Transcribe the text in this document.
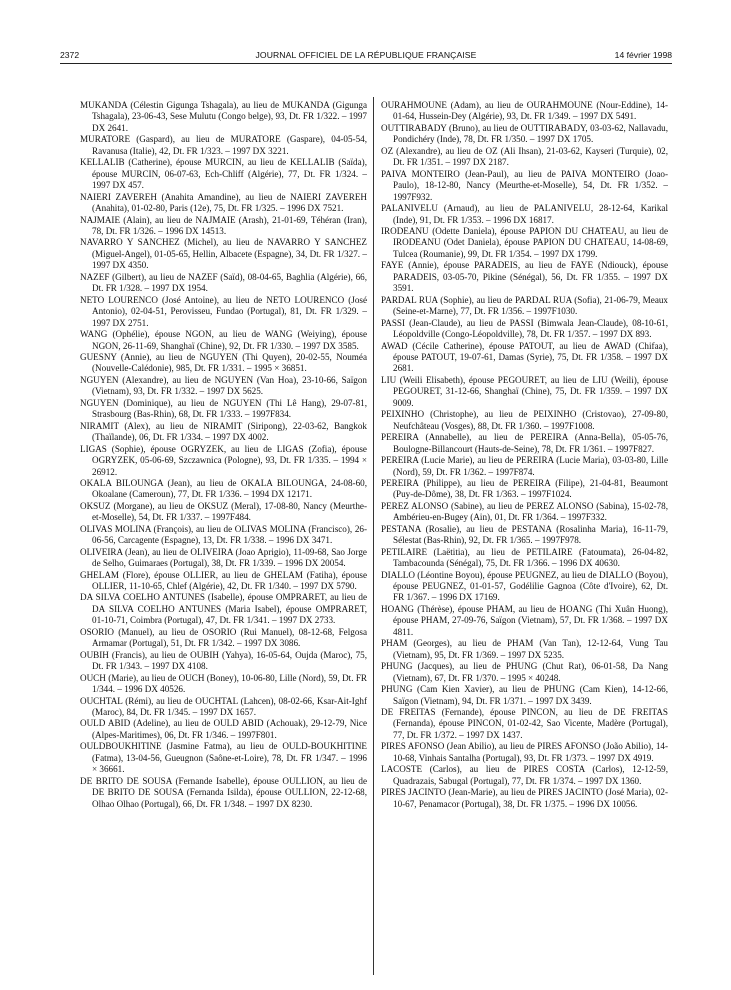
2372	JOURNAL OFFICIEL DE LA RÉPUBLIQUE FRANÇAISE	14 février 1998

MUKANDA (Célestin Gigunga Tshagala), au lieu de MUKANDA (Gigunga Tshagala), 23-06-43, Sese Mulutu (Congo belge), 93, Dt. FR 1/322. – 1997 DX 2641.

MURATORE (Gaspard), au lieu de MURATORE (Gaspare), 04-05-54, Ravanusa (Italie), 42, Dt. FR 1/323. – 1997 DX 3221.

KELLALIB (Catherine), épouse MURCIN, au lieu de KELLALIB (Saïda), épouse MURCIN, 06-07-63, Ech-Chliff (Algérie), 77, Dt. FR 1/324. – 1997 DX 457.

NAIERI ZAVEREH (Anahita Amandine), au lieu de NAIERI ZAVEREH (Anahita), 01-02-80, Paris (12e), 75, Dt. FR 1/325. – 1996 DX 7521.

NAJMAIE (Alain), au lieu de NAJMAIE (Arash), 21-01-69, Téhéran (Iran), 78, Dt. FR 1/326. – 1996 DX 14513.

NAVARRO Y SANCHEZ (Michel), au lieu de NAVARRO Y SANCHEZ (Miguel-Angel), 01-05-65, Hellin, Albacete (Espagne), 34, Dt. FR 1/327. – 1997 DX 4350.

NAZEF (Gilbert), au lieu de NAZEF (Saïd), 08-04-65, Baghlia (Algérie), 66, Dt. FR 1/328. – 1997 DX 1954.

NETO LOURENCO (José Antoine), au lieu de NETO LOURENCO (José Antonio), 02-04-51, Perovisseu, Fundao (Portugal), 81, Dt. FR 1/329. – 1997 DX 2751.

WANG (Ophélie), épouse NGON, au lieu de WANG (Weiying), épouse NGON, 26-11-69, Shanghaï (Chine), 92, Dt. FR 1/330. – 1997 DX 3585.

GUESNY (Annie), au lieu de NGUYEN (Thi Quyen), 20-02-55, Nouméa (Nouvelle-Calédonie), 985, Dt. FR 1/331. – 1995 × 36851.

NGUYEN (Alexandre), au lieu de NGUYEN (Van Hoa), 23-10-66, Saïgon (Vietnam), 93, Dt. FR 1/332. – 1997 DX 5625.

NGUYEN (Dominique), au lieu de NGUYEN (Thi Lê Hang), 29-07-81, Strasbourg (Bas-Rhin), 68, Dt. FR 1/333. – 1997F834.

NIRAMIT (Alex), au lieu de NIRAMIT (Siripong), 22-03-62, Bangkok (Thaïlande), 06, Dt. FR 1/334. – 1997 DX 4002.

LIGAS (Sophie), épouse OGRYZEK, au lieu de LIGAS (Zofia), épouse OGRYZEK, 05-06-69, Szczawnica (Pologne), 93, Dt. FR 1/335. – 1994 × 26912.

OKALA BILOUNGA (Jean), au lieu de OKALA BILOUNGA, 24-08-60, Okoalane (Cameroun), 77, Dt. FR 1/336. – 1994 DX 12171.

OKSUZ (Morgane), au lieu de OKSUZ (Meral), 17-08-80, Nancy (Meurthe-et-Moselle), 54, Dt. FR 1/337. – 1997F484.

OLIVAS MOLINA (François), au lieu de OLIVAS MOLINA (Francisco), 26-06-56, Carcagente (Espagne), 13, Dt. FR 1/338. – 1996 DX 3471.

OLIVEIRA (Jean), au lieu de OLIVEIRA (Joao Aprigio), 11-09-68, Sao Jorge de Selho, Guimaraes (Portugal), 38, Dt. FR 1/339. – 1996 DX 20054.

GHELAM (Flore), épouse OLLIER, au lieu de GHELAM (Fatiha), épouse OLLIER, 11-10-65, Chlef (Algérie), 42, Dt. FR 1/340. – 1997 DX 5790.

DA SILVA COELHO ANTUNES (Isabelle), épouse OMPRARET, au lieu de DA SILVA COELHO ANTUNES (Maria Isabel), épouse OMPRARET, 01-10-71, Coimbra (Portugal), 47, Dt. FR 1/341. – 1997 DX 2733.

OSORIO (Manuel), au lieu de OSORIO (Rui Manuel), 08-12-68, Felgosa Armamar (Portugal), 51, Dt. FR 1/342. – 1997 DX 3086.

OUBIH (Francis), au lieu de OUBIH (Yahya), 16-05-64, Oujda (Maroc), 75, Dt. FR 1/343. – 1997 DX 4108.

OUCH (Marie), au lieu de OUCH (Boney), 10-06-80, Lille (Nord), 59, Dt. FR 1/344. – 1996 DX 40526.

OUCHTAL (Rémi), au lieu de OUCHTAL (Lahcen), 08-02-66, Ksar-Ait-Ighf (Maroc), 84, Dt. FR 1/345. – 1997 DX 1657.

OULD ABID (Adeline), au lieu de OULD ABID (Achouak), 29-12-79, Nice (Alpes-Maritimes), 06, Dt. FR 1/346. – 1997F801.

OULDBOUKHITINE (Jasmine Fatma), au lieu de OULD-BOUKHITINE (Fatma), 13-04-56, Gueugnon (Saône-et-Loire), 78, Dt. FR 1/347. – 1996 × 36661.

DE BRITO DE SOUSA (Fernande Isabelle), épouse OULLION, au lieu de DE BRITO DE SOUSA (Fernanda Isilda), épouse OULLION, 22-12-68, Olhao Olhao (Portugal), 66, Dt. FR 1/348. – 1997 DX 8230.

OURAHMOUNE (Adam), au lieu de OURAHMOUNE (Nour-Eddine), 14-01-64, Hussein-Dey (Algérie), 93, Dt. FR 1/349. – 1997 DX 5491.

OUTTIRABADY (Bruno), au lieu de OUTTIRABADY, 03-03-62, Nallavadu, Pondichéry (Inde), 78, Dt. FR 1/350. – 1997 DX 1705.

OZ (Alexandre), au lieu de OZ (Ali Ihsan), 21-03-62, Kayseri (Turquie), 02, Dt. FR 1/351. – 1997 DX 2187.

PAIVA MONTEIRO (Jean-Paul), au lieu de PAIVA MONTEIRO (Joao-Paulo), 18-12-80, Nancy (Meurthe-et-Moselle), 54, Dt. FR 1/352. – 1997F932.

PALANIVELU (Arnaud), au lieu de PALANIVELU, 28-12-64, Karikal (Inde), 91, Dt. FR 1/353. – 1996 DX 16817.

IRODEANU (Odette Daniela), épouse PAPION DU CHATEAU, au lieu de IRODEANU (Odet Daniela), épouse PAPION DU CHATEAU, 14-08-69, Tulcea (Roumanie), 99, Dt. FR 1/354. – 1997 DX 1799.

FAYE (Annie), épouse PARADEIS, au lieu de FAYE (Ndiouck), épouse PARADEIS, 03-05-70, Pikine (Sénégal), 56, Dt. FR 1/355. – 1997 DX 3591.

PARDAL RUA (Sophie), au lieu de PARDAL RUA (Sofia), 21-06-79, Meaux (Seine-et-Marne), 77, Dt. FR 1/356. – 1997F1030.

PASSI (Jean-Claude), au lieu de PASSI (Bimwala Jean-Claude), 08-10-61, Léopoldville (Congo-Léopoldville), 78, Dt. FR 1/357. – 1997 DX 893.

AWAD (Cécile Catherine), épouse PATOUT, au lieu de AWAD (Chifaa), épouse PATOUT, 19-07-61, Damas (Syrie), 75, Dt. FR 1/358. – 1997 DX 2681.

LIU (Weili Elisabeth), épouse PEGOURET, au lieu de LIU (Weili), épouse PEGOURET, 31-12-66, Shanghaï (Chine), 75, Dt. FR 1/359. – 1997 DX 9009.

PEIXINHO (Christophe), au lieu de PEIXINHO (Cristovao), 27-09-80, Neufchâteau (Vosges), 88, Dt. FR 1/360. – 1997F1008.

PEREIRA (Annabelle), au lieu de PEREIRA (Anna-Bella), 05-05-76, Boulogne-Billancourt (Hauts-de-Seine), 78, Dt. FR 1/361. – 1997F827.

PEREIRA (Lucie Marie), au lieu de PEREIRA (Lucie Maria), 03-03-80, Lille (Nord), 59, Dt. FR 1/362. – 1997F874.

PEREIRA (Philippe), au lieu de PEREIRA (Filipe), 21-04-81, Beaumont (Puy-de-Dôme), 38, Dt. FR 1/363. – 1997F1024.

PEREZ ALONSO (Sabine), au lieu de PEREZ ALONSO (Sabina), 15-02-78, Ambérieu-en-Bugey (Ain), 01, Dt. FR 1/364. – 1997F332.

PESTANA (Rosalie), au lieu de PESTANA (Rosalinha Maria), 16-11-79, Sélestat (Bas-Rhin), 92, Dt. FR 1/365. – 1997F978.

PETILAIRE (Laëtitia), au lieu de PETILAIRE (Fatoumata), 26-04-82, Tambacounda (Sénégal), 75, Dt. FR 1/366. – 1996 DX 40630.

DIALLO (Léontine Boyou), épouse PEUGNEZ, au lieu de DIALLO (Boyou), épouse PEUGNEZ, 01-01-57, Godélilie Gagnoa (Côte d'Ivoire), 62, Dt. FR 1/367. – 1996 DX 17169.

HOANG (Thérèse), épouse PHAM, au lieu de HOANG (Thi Xuân Huong), épouse PHAM, 27-09-76, Saïgon (Vietnam), 57, Dt. FR 1/368. – 1997 DX 4811.

PHAM (Georges), au lieu de PHAM (Van Tan), 12-12-64, Vung Tau (Vietnam), 95, Dt. FR 1/369. – 1997 DX 5235.

PHUNG (Jacques), au lieu de PHUNG (Chut Rat), 06-01-58, Da Nang (Vietnam), 67, Dt. FR 1/370. – 1995 × 40248.

PHUNG (Cam Kien Xavier), au lieu de PHUNG (Cam Kien), 14-12-66, Saïgon (Vietnam), 94, Dt. FR 1/371. – 1997 DX 3439.

DE FREITAS (Fernande), épouse PINCON, au lieu de DE FREITAS (Fernanda), épouse PINCON, 01-02-42, Sao Vicente, Madère (Portugal), 77, Dt. FR 1/372. – 1997 DX 1437.

PIRES AFONSO (Jean Abilio), au lieu de PIRES AFONSO (João Abilio), 14-10-68, Vinhais Santalha (Portugal), 93, Dt. FR 1/373. – 1997 DX 4919.

LACOSTE (Carlos), au lieu de PIRES COSTA (Carlos), 12-12-59, Quadrazais, Sabugal (Portugal), 77, Dt. FR 1/374. – 1997 DX 1360.

PIRES JACINTO (Jean-Marie), au lieu de PIRES JACINTO (José Maria), 02-10-67, Penamacor (Portugal), 38, Dt. FR 1/375. – 1996 DX 10056.
